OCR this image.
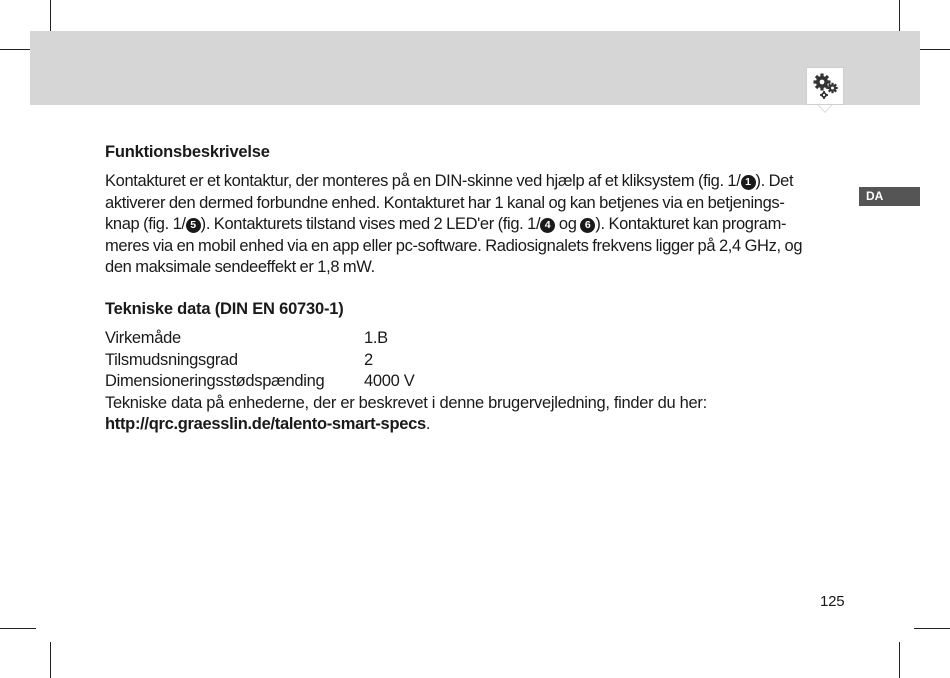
DA
Funktionsbeskrivelse

Kontakturet er et kontaktur, der monteres på en DIN-skinne ved hjælp af et kliksystem (fig. 1/ 1 ). Det

aktiverer den dermed forbundne enhed. Kontakturet har 1 kanal og kan betjenes via en betjenings-

knap (fig. 1/ 5 ). Kontakturets tilstand vises med 2 LED'er (fig. 1/ 4 og 6 ). Kontakturet kan program-

meres via en mobil enhed via en app eller pc-software. Radiosignalets frekvens ligger på 2,4 GHz, og

den maksimale sendeeffekt er 1,8 mW.

Tekniske data (DIN EN 60730-1)
Virkemåde	1.B
Tilsmudsningsgrad	2
Dimensioneringsstødspænding	4000 V
Tekniske data på enhederne, der er beskrevet i denne brugervejledning, finder du her:
http://qrc.graesslin.de/talento-smart-specs.
125
